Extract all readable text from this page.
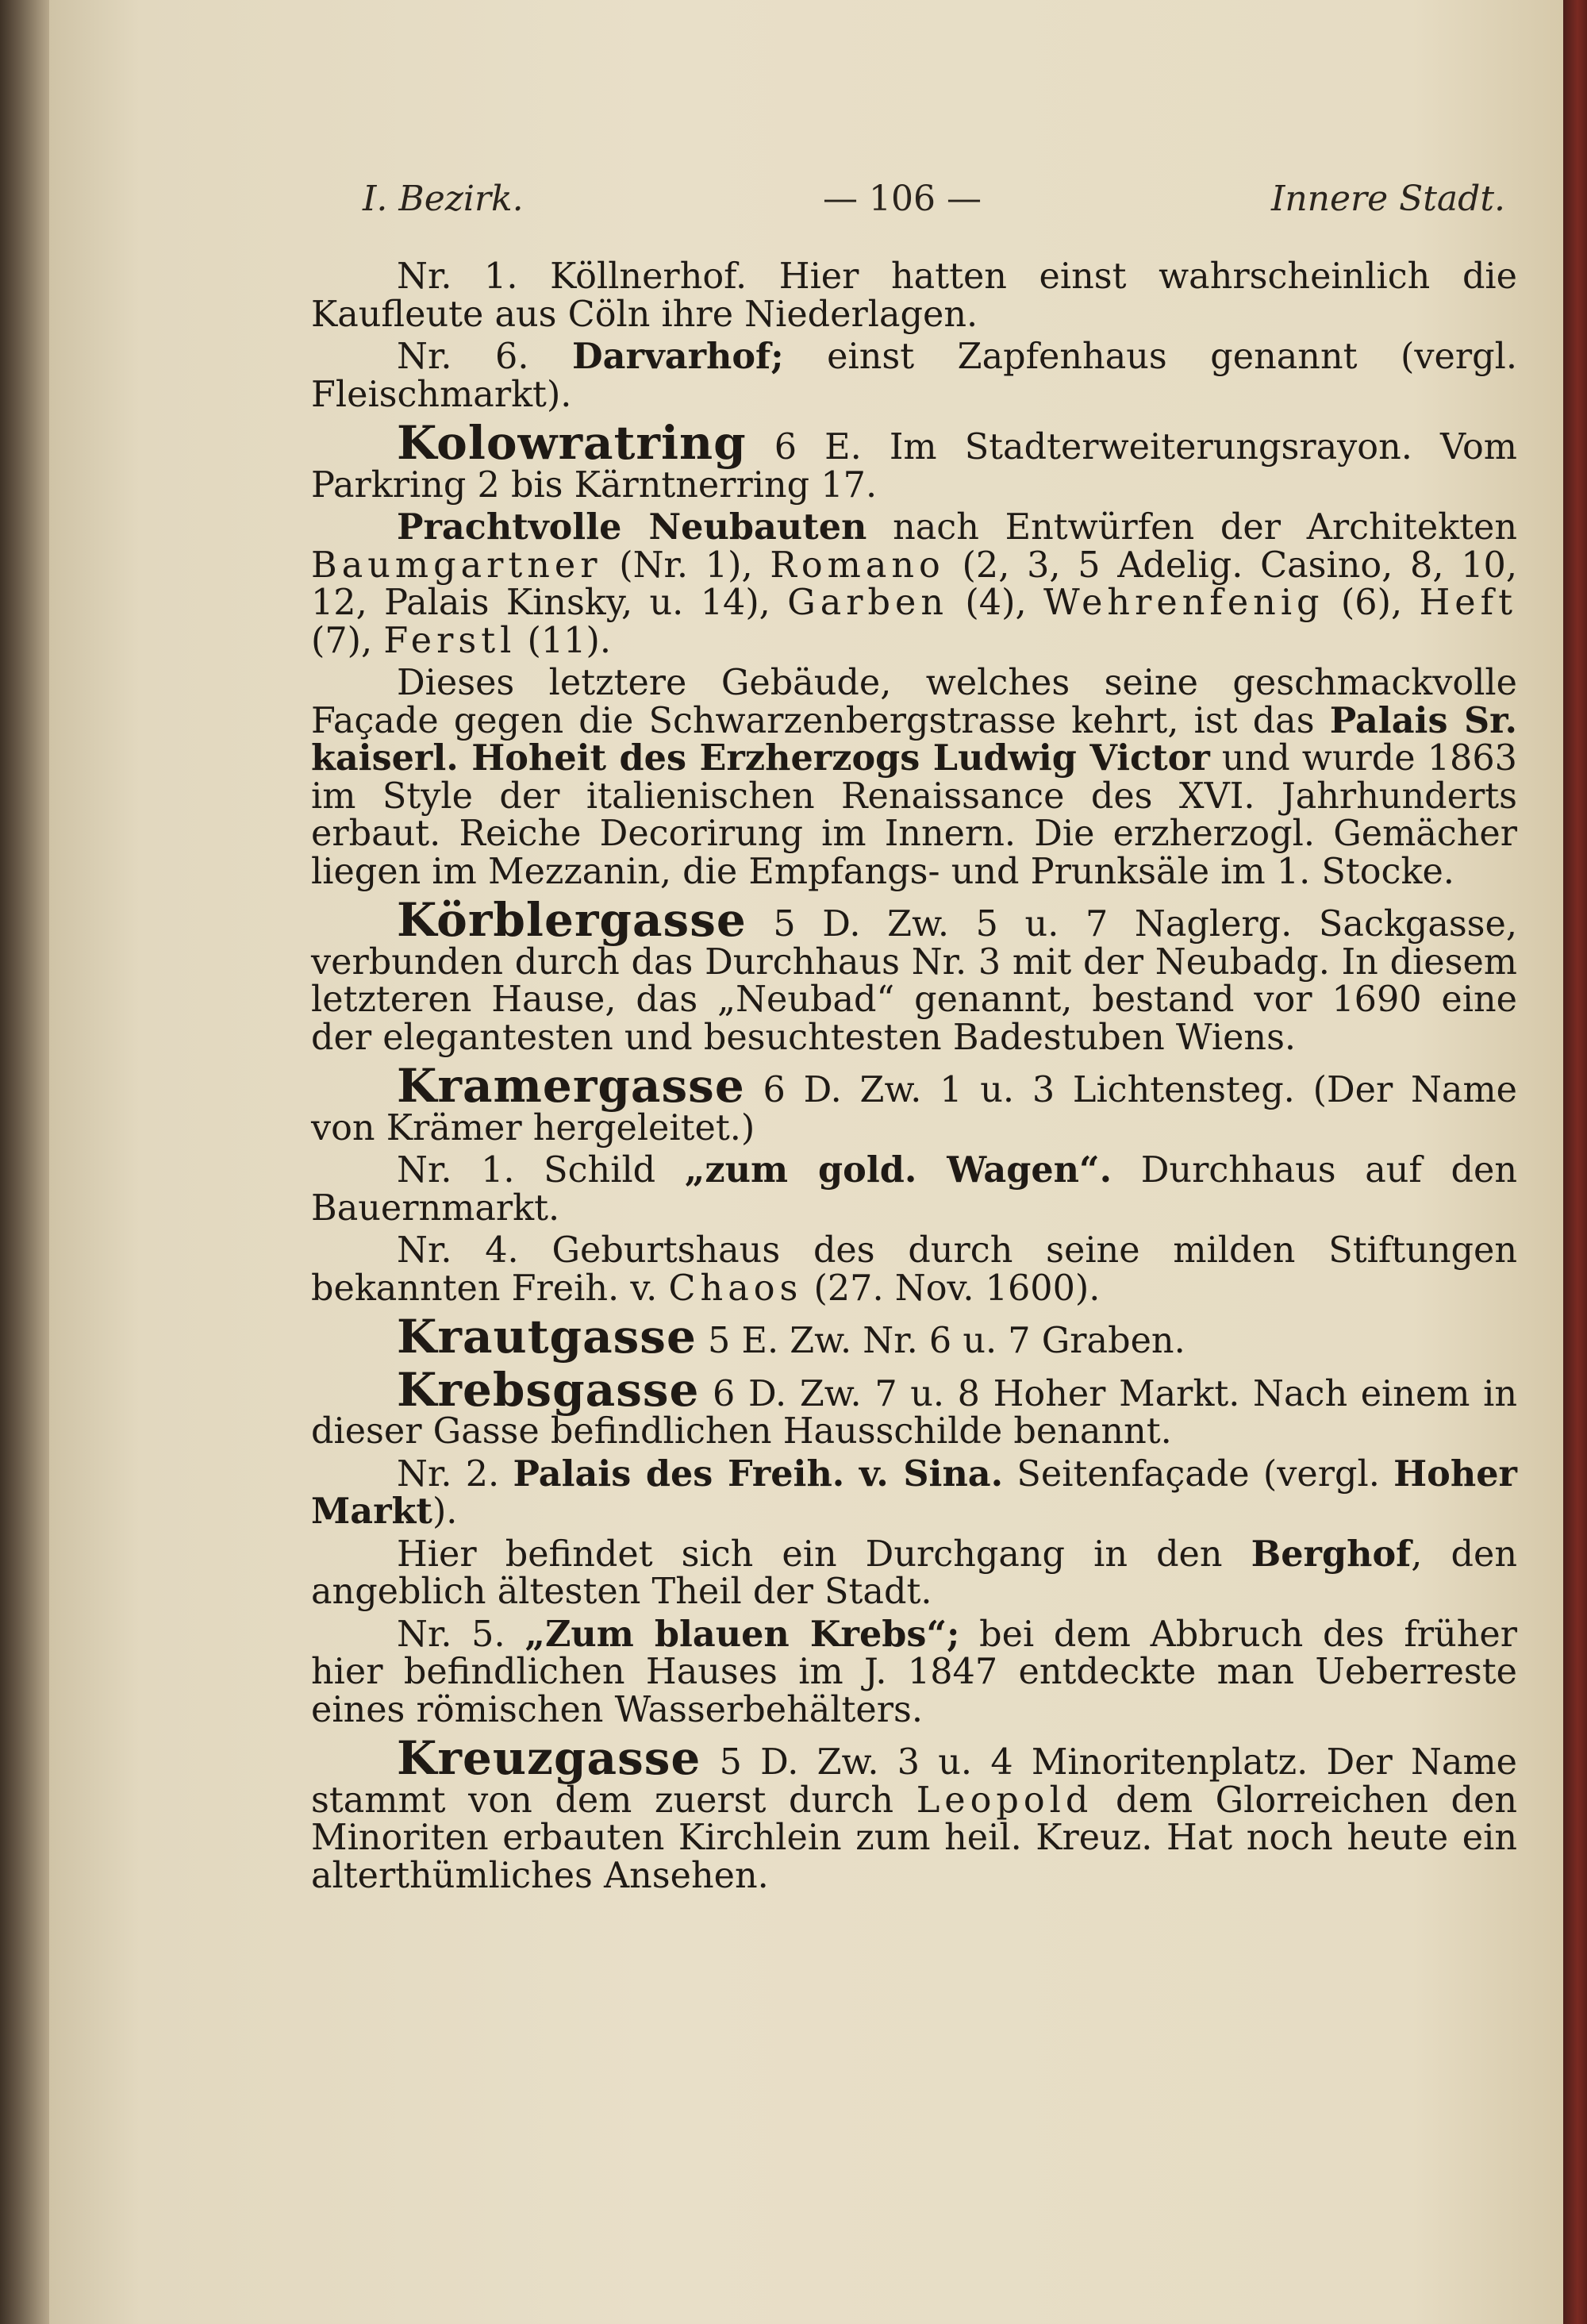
I. Bezirk.	— 106 —	Innere Stadt.

Nr. 1. Köllnerhof. Hier hatten einst wahrscheinlich die Kaufleute aus Cöln ihre Niederlagen.

Nr. 6. Darvarhof; einst Zapfenhaus genannt (vergl. Fleischmarkt).

Kolowratring 6 E. Im Stadterweiterungsrayon. Vom Parkring 2 bis Kärntnerring 17.

Prachtvolle Neubauten nach Entwürfen der Architekten Baumgartner (Nr. 1), Romano (2, 3, 5 Adelig. Casino, 8, 10, 12, Palais Kinsky, u. 14), Garben (4), Wehrenfenig (6), Heft (7), Ferstl (11).

Dieses letztere Gebäude, welches seine geschmackvolle Façade gegen die Schwarzenbergstrasse kehrt, ist das Palais Sr. kaiserl. Hoheit des Erzherzogs Ludwig Victor und wurde 1863 im Style der italienischen Renaissance des XVI. Jahrhunderts erbaut. Reiche Decorirung im Innern. Die erzherzogl. Gemächer liegen im Mezzanin, die Empfangs- und Prunksäle im 1. Stocke.

Körblergasse 5 D. Zw. 5 u. 7 Naglerg. Sackgasse, verbunden durch das Durchhaus Nr. 3 mit der Neubadg. In diesem letzteren Hause, das „Neubad“ genannt, bestand vor 1690 eine der elegantesten und besuchtesten Badestuben Wiens.

Kramergasse 6 D. Zw. 1 u. 3 Lichtensteg. (Der Name von Krämer hergeleitet.)

Nr. 1. Schild „zum gold. Wagen“. Durchhaus auf den Bauernmarkt.

Nr. 4. Geburtshaus des durch seine milden Stiftungen bekannten Freih. v. Chaos (27. Nov. 1600).

Krautgasse 5 E. Zw. Nr. 6 u. 7 Graben.

Krebsgasse 6 D. Zw. 7 u. 8 Hoher Markt. Nach einem in dieser Gasse befindlichen Hausschilde benannt.

Nr. 2. Palais des Freih. v. Sina. Seitenfaçade (vergl. Hoher Markt).

Hier befindet sich ein Durchgang in den Berghof, den angeblich ältesten Theil der Stadt.

Nr. 5. „Zum blauen Krebs“; bei dem Abbruch des früher hier befindlichen Hauses im J. 1847 entdeckte man Ueberreste eines römischen Wasserbehälters.

Kreuzgasse 5 D. Zw. 3 u. 4 Minoritenplatz. Der Name stammt von dem zuerst durch Leopold dem Glorreichen den Minoriten erbauten Kirchlein zum heil. Kreuz. Hat noch heute ein alterthümliches Ansehen.
